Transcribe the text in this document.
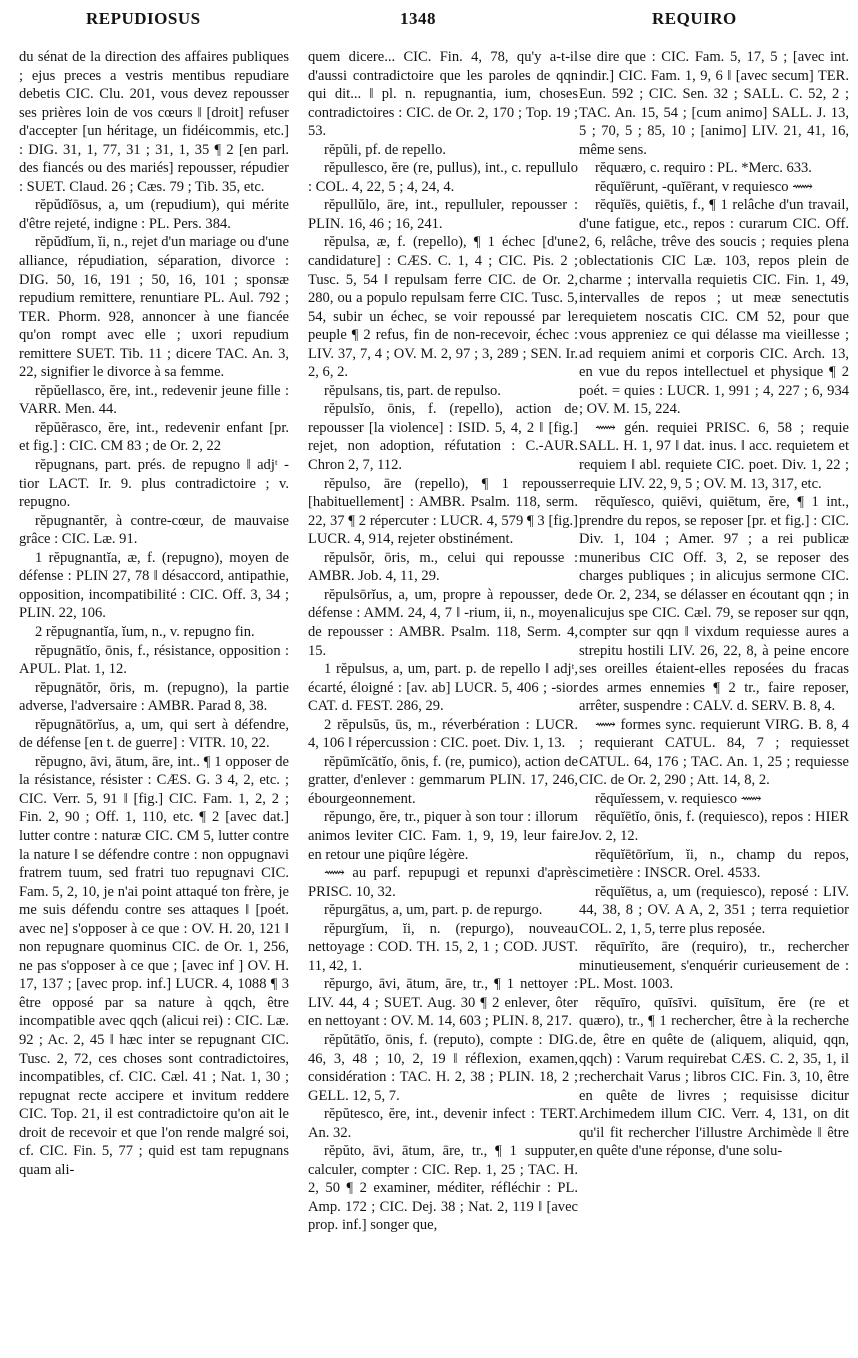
REPUDIOSUS	1348	REQUIRO

du sénat de la direction des affaires publiques ; ejus preces a vestris mentibus repudiare debetis CIC. Clu. 201, vous devez repousser ses prières loin de vos cœurs ‖ [droit] refuser d'accepter [un héritage, un fidéicommis, etc.] : DIG. 31, 1, 77, 31 ; 31, 1, 35 ¶ 2 [en parl. des fiancés ou des mariés] repousser, répudier : SUET. Claud. 26 ; Cæs. 79 ; Tib. 35, etc.

rĕpŭdĭōsus, a, um (repudium), qui mérite d'être rejeté, indigne : PL. Pers. 384.

rĕpŭdĭum, ĭi, n., rejet d'un mariage ou d'une alliance, répudiation, séparation, divorce : DIG. 50, 16, 191 ; 50, 16, 101 ; sponsæ repudium remittere, renuntiare PL. Aul. 792 ; TER. Phorm. 928, annoncer à une fiancée qu'on rompt avec elle ; uxori repudium remittere SUET. Tib. 11 ; dicere TAC. An. 3, 22, signifier le divorce à sa femme.

rĕpŭellasco, ĕre, int., redevenir jeune fille : VARR. Men. 44.

rĕpŭĕrasco, ĕre, int., redevenir enfant [pr. et fig.] : CIC. CM 83 ; de Or. 2, 22

rĕpugnans, part. prés. de repugno ‖ adjᵗ -tior LACT. Ir. 9. plus contradictoire ; v. repugno.

rĕpugnantĕr, à contre-cœur, de mauvaise grâce : CIC. Læ. 91.

1 rĕpugnantĭa, æ, f. (repugno), moyen de défense : PLIN 27, 78 ‖ désaccord, antipathie, opposition, incompatibilité : CIC. Off. 3, 34 ; PLIN. 22, 106.

2 rĕpugnantĭa, ĭum, n., v. repugno fin.

rĕpugnātĭo, ōnis, f., résistance, opposition : APUL. Plat. 1, 12.

rĕpugnātŏr, ōris, m. (repugno), la partie adverse, l'adversaire : AMBR. Parad 8, 38.

rĕpugnātōrĭus, a, um, qui sert à défendre, de défense [en t. de guerre] : VITR. 10, 22.

rĕpugno, āvi, ātum, āre, int.. ¶ 1 opposer de la résistance, résister : CÆS. G. 3 4, 2, etc. ; CIC. Verr. 5, 91 ‖ [fig.] CIC. Fam. 1, 2, 2 ; Fin. 2, 90 ; Off. 1, 110, etc. ¶ 2 [avec dat.] lutter contre : naturæ CIC. CM 5, lutter contre la nature ‖ se défendre contre : non oppugnavi fratrem tuum, sed fratri tuo repugnavi CIC. Fam. 5, 2, 10, je n'ai point attaqué ton frère, je me suis défendu contre ses attaques ‖ [poét. avec ne] s'opposer à ce que : OV. H. 20, 121 ‖ non repugnare quominus CIC. de Or. 1, 256, ne pas s'opposer à ce que ; [avec inf ] OV. H. 17, 137 ; [avec prop. inf.] LUCR. 4, 1088 ¶ 3 être opposé par sa nature à qqch, être incompatible avec qqch (alicui rei) : CIC. Læ. 92 ; Ac. 2, 45 ‖ hæc inter se repugnant CIC. Tusc. 2, 72, ces choses sont contradictoires, incompatibles, cf. CIC. Cæl. 41 ; Nat. 1, 30 ; repugnat recte accipere et invitum reddere CIC. Top. 21, il est contradictoire qu'on ait le droit de recevoir et que l'on rende malgré soi, cf. CIC. Fin. 5, 77 ; quid est tam repugnans quam ali-

quem dicere... CIC. Fin. 4, 78, qu'y a-t-il d'aussi contradictoire que les paroles de qqn qui dit... ‖ pl. n. repugnantia, ium, choses contradictoires : CIC. de Or. 2, 170 ; Top. 19 ; 53.

rĕpŭli, pf. de repello.

rĕpullesco, ĕre (re, pullus), int., c. repullulo : COL. 4, 22, 5 ; 4, 24, 4.

rĕpullŭlo, āre, int., repulluler, repousser : PLIN. 16, 46 ; 16, 241.

rĕpulsa, æ, f. (repello), ¶ 1 échec [d'une candidature] : CÆS. C. 1, 4 ; CIC. Pis. 2 ; Tusc. 5, 54 ‖ repulsam ferre CIC. de Or. 2, 280, ou a populo repulsam ferre CIC. Tusc. 5, 54, subir un échec, se voir repoussé par le peuple ¶ 2 refus, fin de non-recevoir, échec : LIV. 37, 7, 4 ; OV. M. 2, 97 ; 3, 289 ; SEN. Ir. 2, 6, 2.

rĕpulsans, tis, part. de repulso.

rĕpulsĭo, ōnis, f. (repello), action de repousser [la violence] : ISID. 5, 4, 2 ‖ [fig.] rejet, non adoption, réfutation : C.-AUR. Chron 2, 7, 112.

rĕpulso, āre (repello), ¶ 1 repousser [habituellement] : AMBR. Psalm. 118, serm. 22, 37 ¶ 2 répercuter : LUCR. 4, 579 ¶ 3 [fig.] LUCR. 4, 914, rejeter obstinément.

rĕpulsŏr, ōris, m., celui qui repousse : AMBR. Job. 4, 11, 29.

rĕpulsōrĭus, a, um, propre à repousser, de défense : AMM. 24, 4, 7 ‖ -rium, ii, n., moyen de repousser : AMBR. Psalm. 118, Serm. 4, 15.

1 rĕpulsus, a, um, part. p. de repello ‖ adjᵗ, écarté, éloigné : [av. ab] LUCR. 5, 406 ; -sior CAT. d. FEST. 286, 29.

2 rĕpulsŭs, ūs, m., réverbération : LUCR. 4, 106 ‖ répercussion : CIC. poet. Div. 1, 13.

rĕpūmĭcātĭo, ōnis, f. (re, pumico), action de gratter, d'enlever : gemmarum PLIN. 17, 246, ébourgeonnement.

rĕpungo, ĕre, tr., piquer à son tour : illorum animos leviter CIC. Fam. 1, 9, 19, leur faire en retour une piqûre légère.

⟿ au parf. repupugi et repunxi d'après PRISC. 10, 32.

rĕpurgātus, a, um, part. p. de repurgo.

rĕpurgĭum, ĭi, n. (repurgo), nouveau nettoyage : COD. TH. 15, 2, 1 ; COD. JUST. 11, 42, 1.

rĕpurgo, āvi, ātum, āre, tr., ¶ 1 nettoyer : LIV. 44, 4 ; SUET. Aug. 30 ¶ 2 enlever, ôter en nettoyant : OV. M. 14, 603 ; PLIN. 8, 217.

rĕpŭtātĭo, ōnis, f. (reputo), compte : DIG. 46, 3, 48 ; 10, 2, 19 ‖ réflexion, examen, considération : TAC. H. 2, 38 ; PLIN. 18, 2 ; GELL. 12, 5, 7.

rĕpŭtesco, ĕre, int., devenir infect : TERT. An. 32.

rĕpŭto, āvi, ātum, āre, tr., ¶ 1 supputer, calculer, compter : CIC. Rep. 1, 25 ; TAC. H. 2, 50 ¶ 2 examiner, méditer, réfléchir : PL. Amp. 172 ; CIC. Dej. 38 ; Nat. 2, 119 ‖ [avec prop. inf.] songer que,

se dire que : CIC. Fam. 5, 17, 5 ; [avec int. indir.] CIC. Fam. 1, 9, 6 ‖ [avec secum] TER. Eun. 592 ; CIC. Sen. 32 ; SALL. C. 52, 2 ; TAC. An. 15, 54 ; [cum animo] SALL. J. 13, 5 ; 70, 5 ; 85, 10 ; [animo] LIV. 21, 41, 16, même sens.

rĕquæro, c. requiro : PL. *Merc. 633.

rĕquĭērunt, -quĭērant, v requiesco ⟿

rĕquĭēs, quiētis, f., ¶ 1 relâche d'un travail, d'une fatigue, etc., repos : curarum CIC. Off. 2, 6, relâche, trêve des soucis ; requies plena oblectationis CIC Læ. 103, repos plein de charme ; intervalla requietis CIC. Fin. 1, 49, intervalles de repos ; ut meæ senectutis requietem noscatis CIC. CM 52, pour que vous appreniez ce qui délasse ma vieillesse ; ad requiem animi et corporis CIC. Arch. 13, en vue du repos intellectuel et physique ¶ 2 poét. = quies : LUCR. 1, 991 ; 4, 227 ; 6, 934 ; OV. M. 15, 224.

⟿ gén. requiei PRISC. 6, 58 ; requie SALL. H. 1, 97 ‖ dat. inus. ‖ acc. requietem et requiem ‖ abl. requiete CIC. poet. Div. 1, 22 ; requie LIV. 22, 9, 5 ; OV. M. 13, 317, etc.

rĕquĭesco, quiēvi, quiētum, ĕre, ¶ 1 int., prendre du repos, se reposer [pr. et fig.] : CIC. Div. 1, 104 ; Amer. 97 ; a rei publicæ muneribus CIC Off. 3, 2, se reposer des charges publiques ; in alicujus sermone CIC. de Or. 2, 234, se délasser en écoutant qqn ; in alicujus spe CIC. Cæl. 79, se reposer sur qqn, compter sur qqn ‖ vixdum requiesse aures a strepitu hostili LIV. 26, 22, 8, à peine encore ses oreilles étaient-elles reposées du fracas des armes ennemies ¶ 2 tr., faire reposer, arrêter, suspendre : CALV. d. SERV. B. 8, 4.

⟿ formes sync. requierunt VIRG. B. 8, 4 ; requierant CATUL. 84, 7 ; requiesset CATUL. 64, 176 ; TAC. An. 1, 25 ; requiesse CIC. de Or. 2, 290 ; Att. 14, 8, 2.

rĕquĭessem, v. requiesco ⟿

rĕquĭētĭo, ōnis, f. (requiesco), repos : HIER Jov. 2, 12.

rĕquĭētōrĭum, ĭi, n., champ du repos, cimetière : INSCR. Orel. 4533.

rĕquĭētus, a, um (requiesco), reposé : LIV. 44, 38, 8 ; OV. A A, 2, 351 ; terra requietior COL. 2, 1, 5, terre plus reposée.

rĕquīrĭto, āre (requiro), tr., rechercher minutieusement, s'enquérir curieusement de : PL. Most. 1003.

rĕquīro, quīsīvi. quīsītum, ĕre (re et quæro), tr., ¶ 1 rechercher, être à la recherche de, être en quête de (aliquem, aliquid, qqn, qqch) : Varum requirebat CÆS. C. 2, 35, 1, il recherchait Varus ; libros CIC. Fin. 3, 10, être en quête de livres ; requisisse dicitur Archimedem illum CIC. Verr. 4, 131, on dit qu'il fit rechercher l'illustre Archimède ‖ être en quête d'une réponse, d'une solu-
